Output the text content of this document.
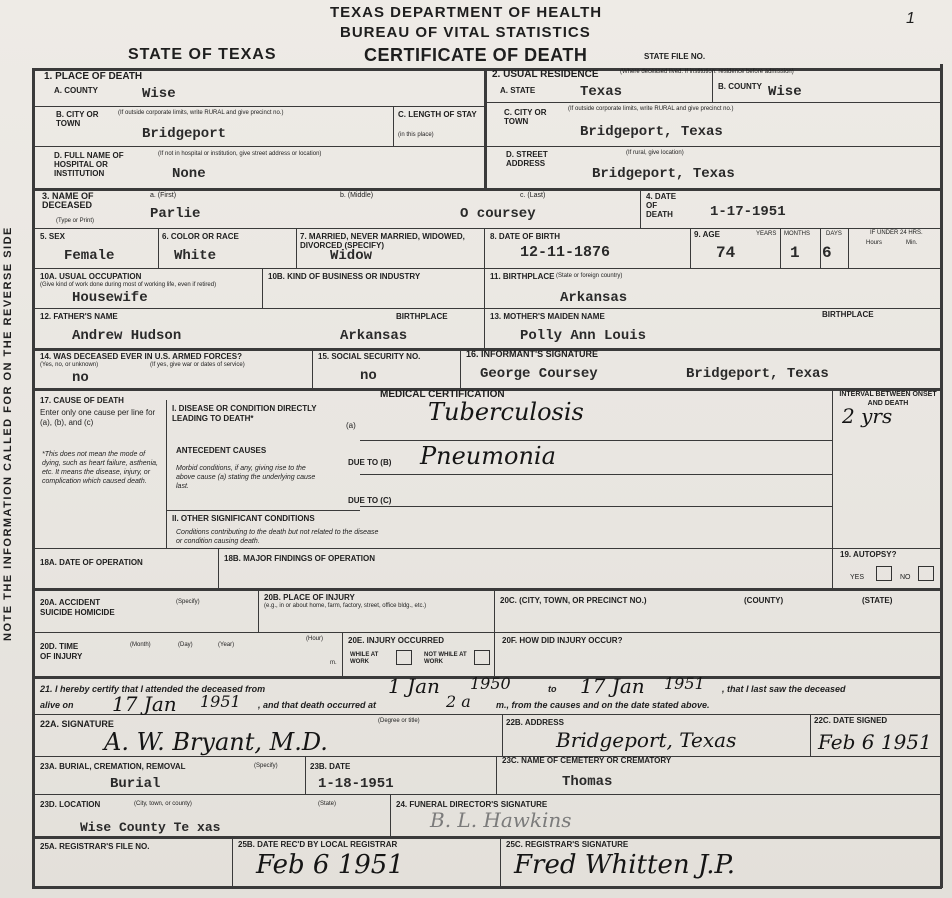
TEXAS DEPARTMENT OF HEALTH
BUREAU OF VITAL STATISTICS
STATE OF TEXAS	CERTIFICATE OF DEATH	STATE FILE NO.
1
NOTE THE INFORMATION CALLED FOR ON THE REVERSE SIDE
1. PLACE OF DEATH
A. COUNTY	Wise
B. CITY OR TOWN
(If outside corporate limits, write RURAL and give precinct no.)
Bridgeport
C. LENGTH OF STAY
(in this place)
D. FULL NAME OF HOSPITAL OR INSTITUTION
(If not in hospital or institution, give street address or location)
None
2. USUAL RESIDENCE	(Where deceased lived. If institution: residence before admission)
A. STATE	Texas	B. COUNTY Wise
C. CITY OR TOWN
(If outside corporate limits, write RURAL and give precinct no.)
Bridgeport, Texas
D. STREET ADDRESS
(If rural, give location)
Bridgeport, Texas
3. NAME OF DECEASED
(Type or Print)
a. (First)	b. (Middle)	c. (Last)
Parlie	O coursey
4. DATE OF DEATH	1-17-1951
5. SEX
Female
6. COLOR OR RACE
White
7. MARRIED, NEVER MARRIED, WIDOWED, DIVORCED (SPECIFY)
Widow
8. DATE OF BIRTH
12-11-1876
9. AGE	YEARS MONTHS	DAYS	IF UNDER 24 HRS.
Hours	Min.
74	1 6
10A. USUAL OCCUPATION
(Give kind of work done during most of working life, even if retired)
Housewife
10B. KIND OF BUSINESS OR INDUSTRY	11. BIRTHPLACE (State or foreign country)
Arkansas
12. FATHER'S NAME	BIRTHPLACE
Andrew Hudson	Arkansas
13. MOTHER'S MAIDEN NAME	BIRTHPLACE
Polly Ann Louis
14. WAS DECEASED EVER IN U.S. ARMED FORCES?
(Yes, no, or unknown)	(If yes, give war or dates of service)
no
15. SOCIAL SECURITY NO.
no
16. INFORMANT'S SIGNATURE
George Coursey	Bridgeport, Texas
MEDICAL CERTIFICATION
17. CAUSE OF DEATH
Enter only one cause per line for (a), (b), and (c)
*This does not mean the mode of dying, such as heart failure, asthenia, etc. It means the disease, injury, or complication which caused death.
I. DISEASE OR CONDITION DIRECTLY LEADING TO DEATH*
(a)	Tuberculosis
ANTECEDENT CAUSES
Morbid conditions, if any, giving rise to the above cause (a) stating the underlying cause last.
DUE TO (B) Pneumonia
DUE TO (C)
II. OTHER SIGNIFICANT CONDITIONS
Conditions contributing to the death but not related to the disease or condition causing death.
INTERVAL BETWEEN ONSET AND DEATH
2 yrs
18A. DATE OF OPERATION	18B. MAJOR FINDINGS OF OPERATION	19. AUTOPSY?
YES	NO
20A. ACCIDENT SUICIDE HOMICIDE
(Specify)	20B. PLACE OF INJURY
(e.g., in or about home, farm, factory, street, office bldg., etc.)
20C. (CITY, TOWN, OR PRECINCT NO.)	(COUNTY)	(STATE)
20D. TIME OF INJURY
(Month)	(Day)	(Year)
(Hour)
m.
20E. INJURY OCCURRED
WHILE AT WORK
NOT WHILE AT WORK
20F. HOW DID INJURY OCCUR?
21. I hereby certify that I attended the deceased from	1 Jan 1950	to 17 Jan 1951 , that I last saw the deceased
alive on 17 Jan 1951 , and that death occurred at	2 a	m., from the causes and on the date stated above.
22A. SIGNATURE	(Degree or title)
A. W. Bryant, M.D.
22B. ADDRESS
Bridgeport, Texas
22C. DATE SIGNED
Feb 6 1951
23A. BURIAL, CREMATION, REMOVAL	(Specify)
Burial
23B. DATE
1-18-1951
23C. NAME OF CEMETERY OR CREMATORY
Thomas
23D. LOCATION	(City, town, or county)	(State)
Wise County Te xas
24. FUNERAL DIRECTOR'S SIGNATURE
B. L. Hawkins
25A. REGISTRAR'S FILE NO.	25B. DATE REC'D BY LOCAL REGISTRAR
Feb 6 1951
25C. REGISTRAR'S SIGNATURE
Fred Whitten J.P.
